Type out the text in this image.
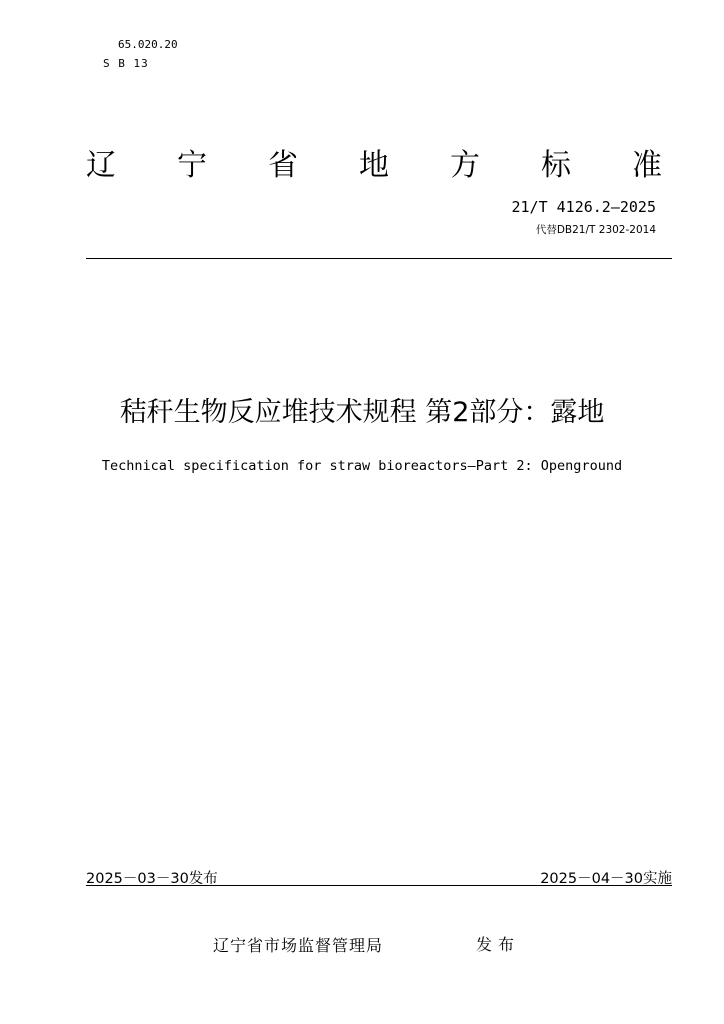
65.020.20
S B 13
辽 宁 省 地 方 标 准
21/T 4126.2—2025
代替DB21/T 2302-2014
秸秆生物反应堆技术规程 第2部分：露地
Technical specification for straw bioreactors—Part 2: Openground
2025－03－30发布	2025－04－30实施
辽宁省市场监督管理局	发布
